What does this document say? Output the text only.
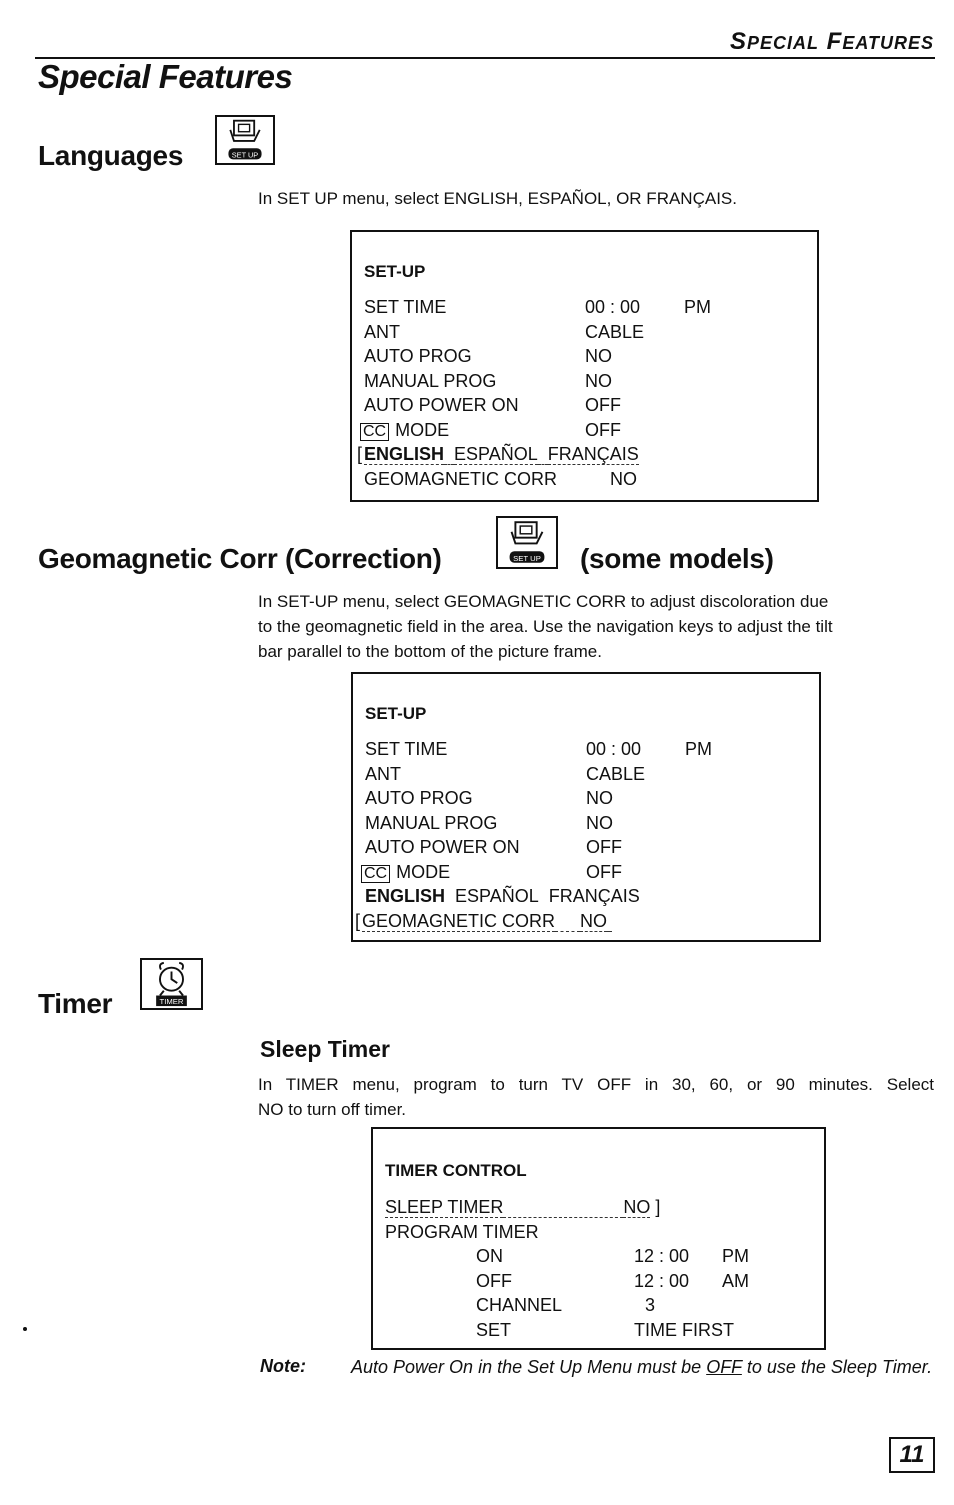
SPECIAL FEATURES
Special Features
Languages	SET UP
In SET UP menu, select ENGLISH, ESPAÑOL, OR FRANÇAIS.
SET-UP
SET TIME	00 : 00 PM
ANT	CABLE
AUTO PROG	NO
MANUAL PROG	NO
AUTO POWER ON	OFF
CC MODE	OFF
[ ENGLISH ESPAÑOL FRANÇAIS
GEOMAGNETIC CORR	NO
Geomagnetic Corr (Correction)	SET UP (some models)
In SET-UP menu, select GEOMAGNETIC CORR to adjust discoloration due
to the geomagnetic field in the area. Use the navigation keys to adjust the tilt
bar parallel to the bottom of the picture frame.
SET-UP
SET TIME	00 : 00 PM
ANT	CABLE
AUTO PROG	NO
MANUAL PROG	NO
AUTO POWER ON	OFF
CC MODE	OFF
ENGLISH ESPAÑOL FRANÇAIS
[ GEOMAGNETIC CORR NO
Timer	TIMER
Sleep Timer
In TIMER menu, program to turn TV OFF in 30, 60, or 90 minutes. Select
NO to turn off timer.
TIMER CONTROL
SLEEP TIMER	NO ]
PROGRAM TIMER
ON	12 : 00 PM
OFF	12 : 00 AM
CHANNEL	3
SET	TIME FIRST
Note:	Auto Power On in the Set Up Menu must be OFF to use the Sleep Timer.
11
